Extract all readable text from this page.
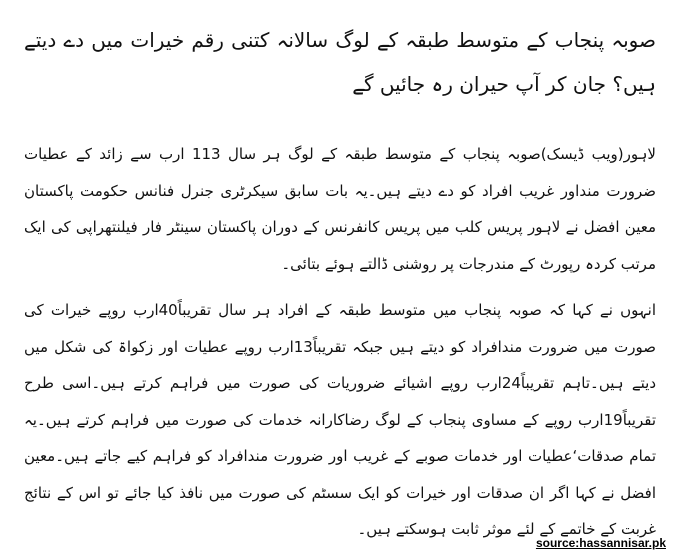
صوبہ پنجاب کے متوسط طبقہ کے لوگ سالانہ کتنی رقم خیرات میں دے دیتے ہیں؟ جان کر آپ حیران رہ جائیں گے

لاہور(ویب ڈیسک)صوبہ پنجاب کے متوسط طبقہ کے لوگ ہر سال 113 ارب سے زائد کے عطیات ضرورت منداور غریب افراد کو دے دیتے ہیں۔یہ بات سابق سیکرٹری جنرل فنانس حکومت پاکستان معین افضل نے لاہور پریس کلب میں پریس کانفرنس کے دوران پاکستان سینٹر فار فیلنتھراپی کی ایک مرتب کردہ رپورٹ کے مندرجات پر روشنی ڈالتے ہوئے بتائی۔

انہوں نے کہا کہ صوبہ پنجاب میں متوسط طبقہ کے افراد ہر سال تقریباً40ارب روپے خیرات کی صورت میں ضرورت مندافراد کو دیتے ہیں جبکہ تقریباً13ارب روپے عطیات اور زکواۃ کی شکل میں دیتے ہیں۔تاہم تقریباً24ارب روپے اشیائے ضروریات کی صورت میں فراہم کرتے ہیں۔اسی طرح تقریباً19ارب روپے کے مساوی پنجاب کے لوگ رضاکارانہ خدمات کی صورت میں فراہم کرتے ہیں۔یہ تمام صدقات‘عطیات اور خدمات صوبے کے غریب اور ضرورت مندافراد کو فراہم کیے جاتے ہیں۔معین افضل نے کہا اگر ان صدقات اور خیرات کو ایک سسٹم کی صورت میں نافذ کیا جائے تو اس کے نتائج غربت کے خاتمے کے لئے موثر ثابت ہوسکتے ہیں۔

source:hassannisar.pk
